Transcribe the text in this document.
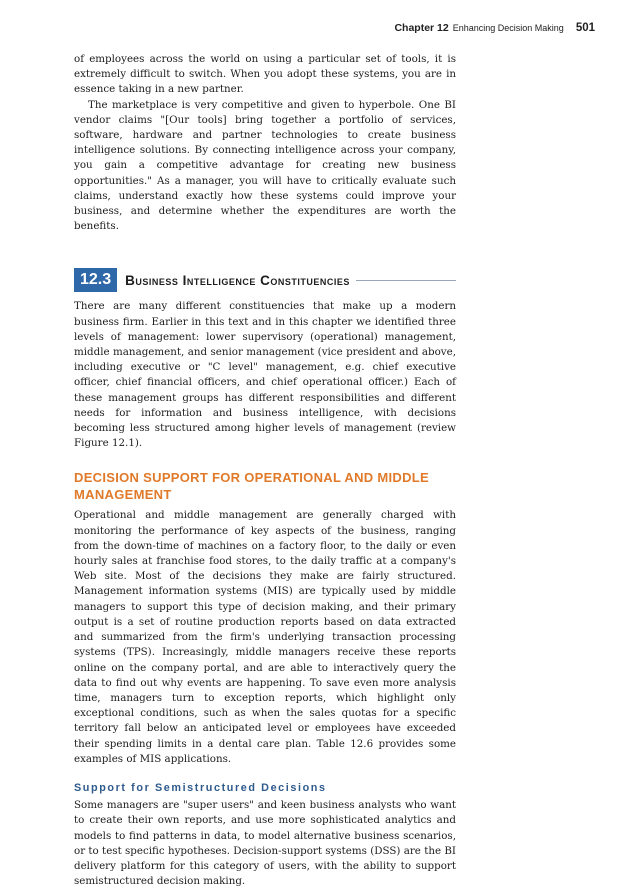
Chapter 12 Enhancing Decision Making 501

of employees across the world on using a particular set of tools, it is extremely difficult to switch. When you adopt these systems, you are in essence taking in a new partner.

The marketplace is very competitive and given to hyperbole. One BI vendor claims "[Our tools] bring together a portfolio of services, software, hardware and partner technologies to create business intelligence solutions. By connecting intelligence across your company, you gain a competitive advantage for creating new business opportunities." As a manager, you will have to critically evaluate such claims, understand exactly how these systems could improve your business, and determine whether the expenditures are worth the benefits.

12.3	Business Intelligence Constituencies

There are many different constituencies that make up a modern business firm. Earlier in this text and in this chapter we identified three levels of management: lower supervisory (operational) management, middle management, and senior management (vice president and above, including executive or "C level" management, e.g. chief executive officer, chief financial officers, and chief operational officer.) Each of these management groups has different responsibilities and different needs for information and business intelligence, with decisions becoming less structured among higher levels of management (review Figure 12.1).

DECISION SUPPORT FOR OPERATIONAL AND MIDDLE MANAGEMENT

Operational and middle management are generally charged with monitoring the performance of key aspects of the business, ranging from the down-time of machines on a factory floor, to the daily or even hourly sales at franchise food stores, to the daily traffic at a company's Web site. Most of the decisions they make are fairly structured. Management information systems (MIS) are typically used by middle managers to support this type of decision making, and their primary output is a set of routine production reports based on data extracted and summarized from the firm's underlying transaction processing systems (TPS). Increasingly, middle managers receive these reports online on the company portal, and are able to interactively query the data to find out why events are happening. To save even more analysis time, managers turn to exception reports, which highlight only exceptional conditions, such as when the sales quotas for a specific territory fall below an anticipated level or employees have exceeded their spending limits in a dental care plan. Table 12.6 provides some examples of MIS applications.

Support for Semistructured Decisions

Some managers are "super users" and keen business analysts who want to create their own reports, and use more sophisticated analytics and models to find patterns in data, to model alternative business scenarios, or to test specific hypotheses. Decision-support systems (DSS) are the BI delivery platform for this category of users, with the ability to support semistructured decision making.
